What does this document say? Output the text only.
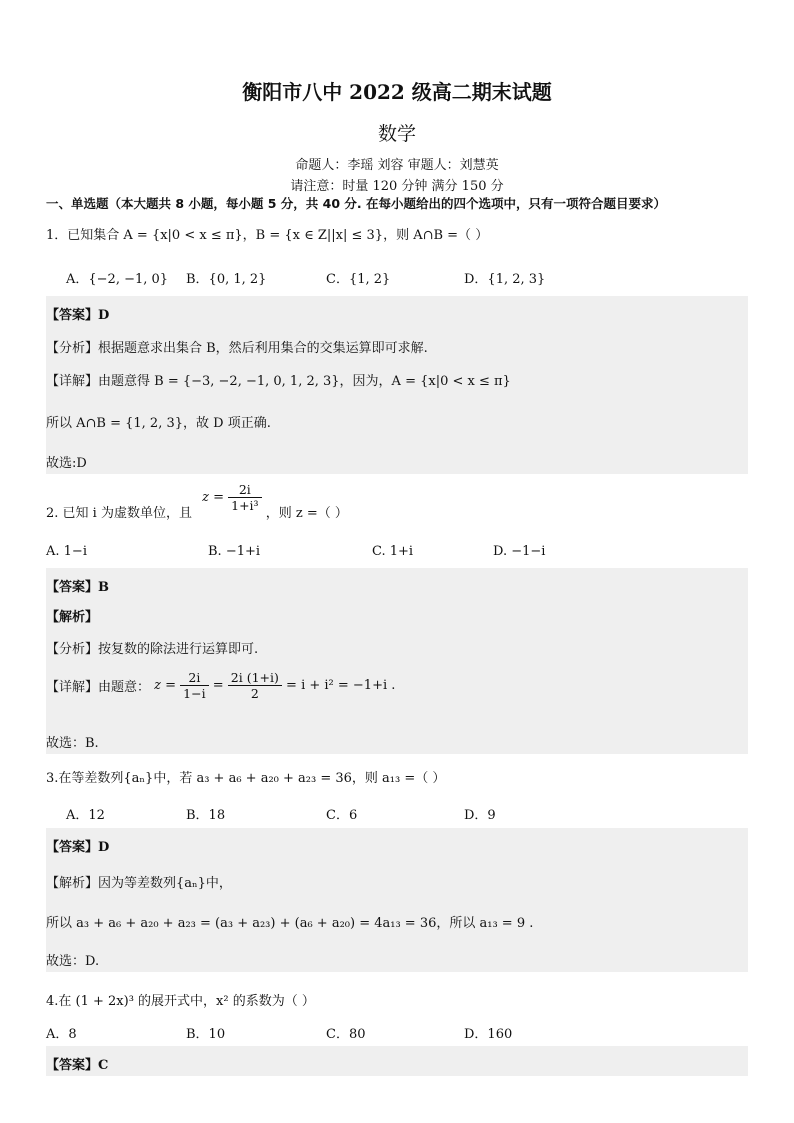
衡阳市八中 2022 级高二期末试题
数学
命题人：李瑶 刘容 审题人：刘慧英
请注意：时量 120 分钟 满分 150 分
一、单选题（本大题共 8 小题，每小题 5 分，共 40 分. 在每小题给出的四个选项中，只有一项符合题目要求）
1．已知集合 A = {x|0 < x ≤ π}，B = {x ∈ Z||x| ≤ 3}，则 A∩B =（ ）
A．{−2, −1, 0} B．{0, 1, 2}	C．{1, 2}	D．{1, 2, 3}
【答案】D
【分析】根据题意求出集合 B，然后利用集合的交集运算即可求解.
【详解】由题意得 B = {−3, −2, −1, 0, 1, 2, 3}，因为，A = {x|0 < x ≤ π}
所以 A∩B = {1, 2, 3}，故 D 项正确.
故选:D
2. 已知 i 为虚数单位，且 $z = \frac{2i}{\text{1+i³}}$
，则 z =（ ）
A. 1−i	B. −1+i	C. 1+i	D. −1−i
【答案】B
【解析】
【分析】按复数的除法进行运算即可.
【详解】由题意： $z = \frac{2i}{1-i} = \frac{2i (1+i)}{2} = i + i^2 = -1+i$ .
故选：B.
3.在等差数列{aₙ}中，若 a₃ + a₆ + a₂₀ + a₂₃ = 36，则 a₁₃ =（ ）
A．12	B．18	C．6	D．9
【答案】D
【解析】因为等差数列{aₙ}中，
所以 a₃ + a₆ + a₂₀ + a₂₃ = (a₃ + a₂₃) + (a₆ + a₂₀) = 4a₁₃ = 36，所以 a₁₃ = 9 .
故选：D.
4.在 (1 + 2x)³ 的展开式中，x² 的系数为（ ）
A．8	B．10	C．80	D．160
【答案】C
